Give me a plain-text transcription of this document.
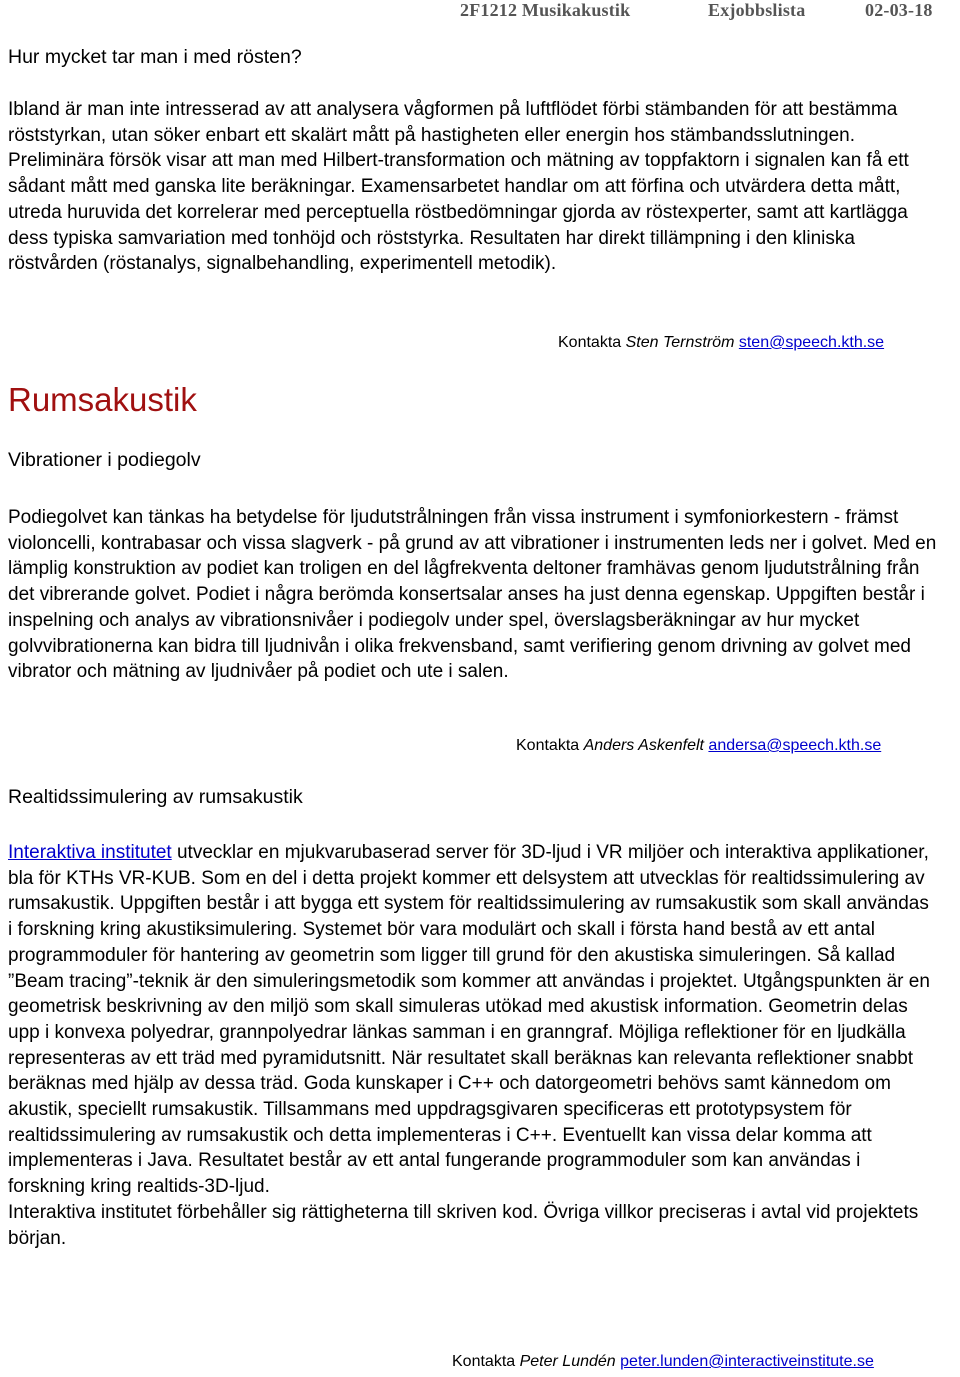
2F1212 Musikakustik

	Exjobbslista

	02-03-18

Hur mycket tar man i med rösten?

Ibland är man inte intresserad av att analysera vågformen på luftflödet förbi stämbanden för att bestämma röststyrkan, utan söker enbart ett skalärt mått på hastigheten eller energin hos stämbandsslutningen. Preliminära försök visar att man med Hilbert-transformation och mätning av toppfaktorn i signalen kan få ett sådant mått med ganska lite beräkningar. Examensarbetet handlar om att förfina och utvärdera detta mått, utreda huruvida det korrelerar med perceptuella röstbedömningar gjorda av röstexperter, samt att kartlägga dess typiska samvariation med tonhöjd och röststyrka. Resultaten har direkt tillämpning i den kliniska röstvården (röstanalys, signalbehandling, experimentell metodik).

Kontakta Sten Ternström sten@speech.kth.se
Rumsakustik
Vibrationer i podiegolv

Podiegolvet kan tänkas ha betydelse för ljudutstrålningen från vissa instrument i symfoniorkestern - främst violoncelli, kontrabasar och vissa slagverk - på grund av att vibrationer i instrumenten leds ner i golvet. Med en lämplig konstruktion av podiet kan troligen en del lågfrekventa deltoner framhävas genom ljudutstrålning från det vibrerande golvet. Podiet i några berömda konsertsalar anses ha just denna egenskap. Uppgiften består i inspelning och analys av vibrationsnivåer i podiegolv under spel, överslagsberäkningar av hur mycket golvvibrationerna kan bidra till ljudnivån i olika frekvensband, samt verifiering genom drivning av golvet med vibrator och mätning av ljudnivåer på podiet och ute i salen.

Kontakta Anders Askenfelt andersa@speech.kth.se
Realtidssimulering av rumsakustik

Interaktiva institutet utvecklar en mjukvarubaserad server för 3D-ljud i VR miljöer och interaktiva applikationer, bla för KTHs VR-KUB. Som en del i detta projekt kommer ett delsystem att utvecklas för realtidssimulering av rumsakustik. Uppgiften består i att bygga ett system för realtidssimulering av rumsakustik som skall användas i forskning kring akustiksimulering. Systemet bör vara modulärt och skall i första hand bestå av ett antal programmoduler för hantering av geometrin som ligger till grund för den akustiska simuleringen. Så kallad ”Beam tracing”-teknik är den simuleringsmetodik som kommer att användas i projektet. Utgångspunkten är en geometrisk beskrivning av den miljö som skall simuleras utökad med akustisk information. Geometrin delas upp i konvexa polyedrar, grannpolyedrar länkas samman i en granngraf. Möjliga reflektioner för en ljudkälla representeras av ett träd med pyramidutsnitt. När resultatet skall beräknas kan relevanta reflektioner snabbt beräknas med hjälp av dessa träd. Goda kunskaper i C++ och datorgeometri behövs samt kännedom om akustik, speciellt rumsakustik. Tillsammans med uppdragsgivaren specificeras ett prototypsystem för realtidssimulering av rumsakustik och detta implementeras i C++. Eventuellt kan vissa delar komma att implementeras i Java. Resultatet består av ett antal fungerande programmoduler som kan användas i forskning kring realtids-3D-ljud.

Interaktiva institutet förbehåller sig rättigheterna till skriven kod. Övriga villkor preciseras i avtal vid projektets början.

Kontakta Peter Lundén peter.lunden@interactiveinstitute.se
